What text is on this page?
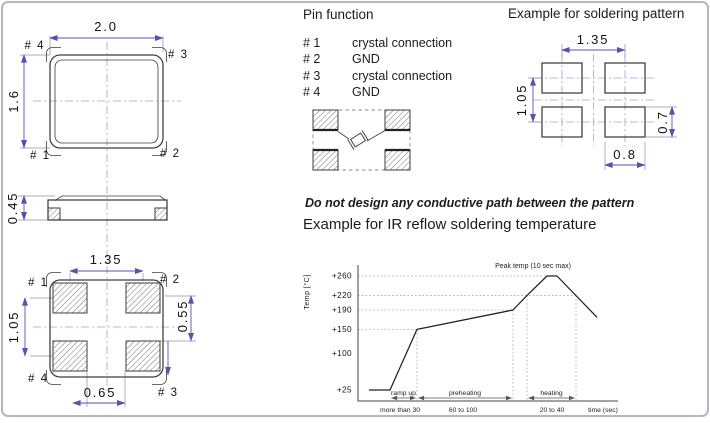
2.0
1.6
# 4
# 3
# 1	# 2
0.45
1.35
1.05	0.55
0.65
# 1	# 2
# 4
# 3
Pin function
# 1	crystal connection
# 2	GND
# 3	crystal connection
# 4	GND
Example for soldering pattern
1.35
1.05
0.7
0.8
Do not design any conductive path between the pattern
Example for IR reflow soldering temperature
+25
+100
+150
+190
+220
+260
Temp [°C]
Peak temp (10 sec max)
ramp up
more than 30
preheating
60 to 100
heating
20 to 40	time (sec)
